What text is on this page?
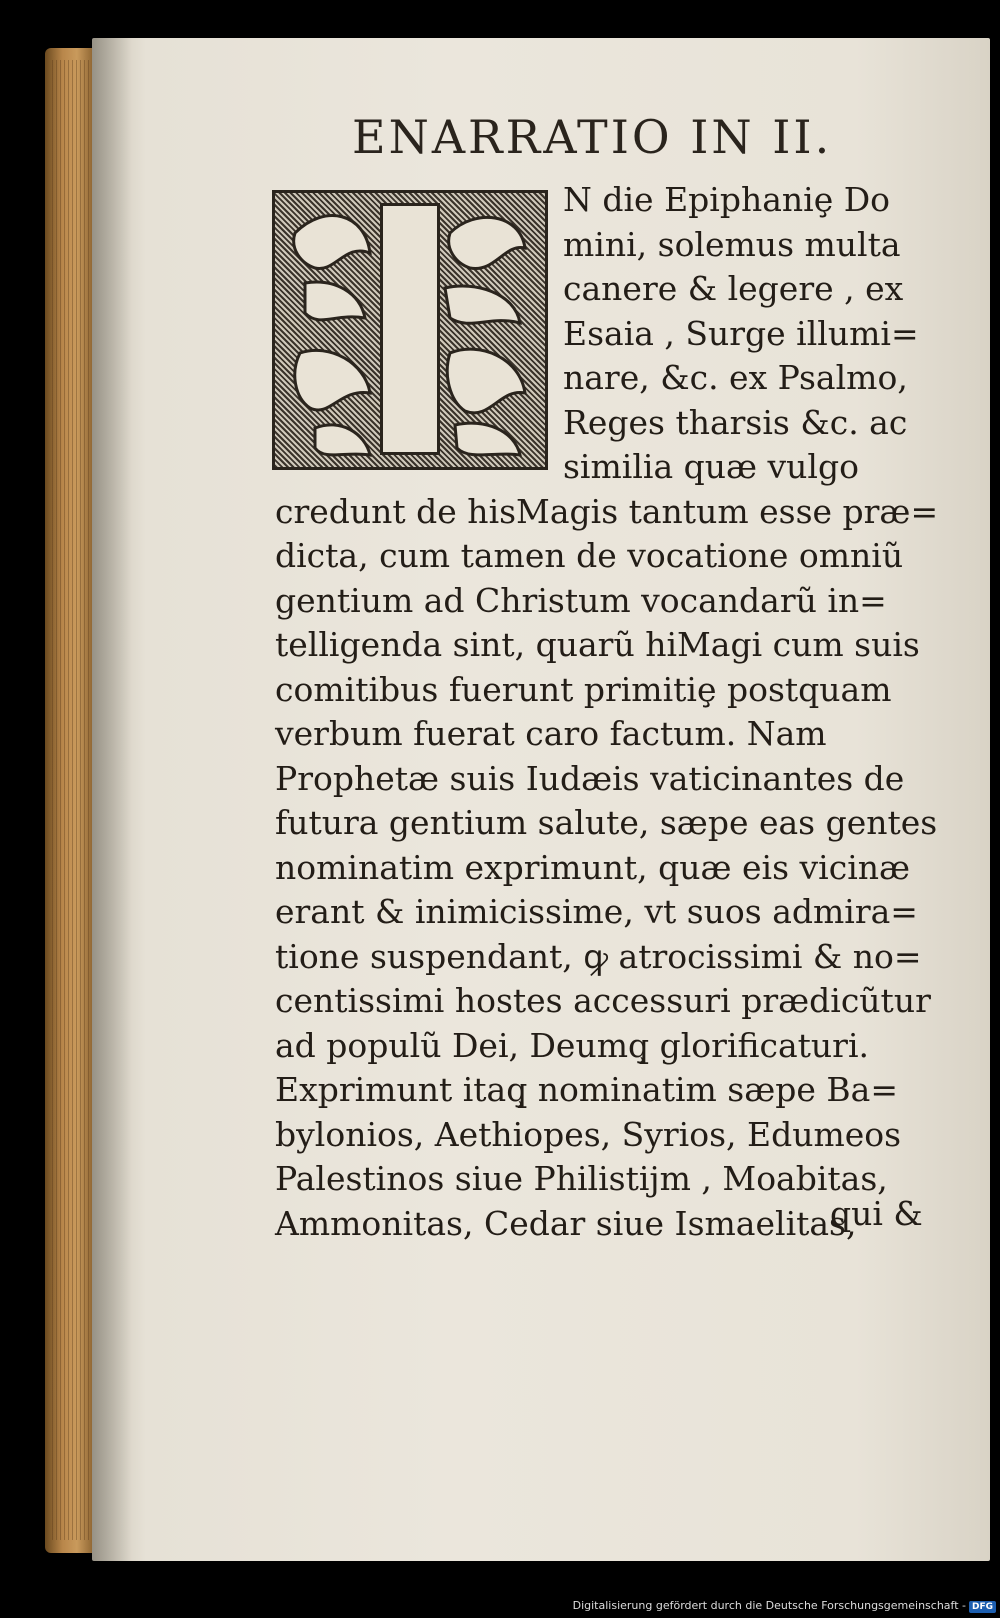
ENARRATIO IN II.
N die Epiphaniȩ Do
mini, solemus multa
canere & legere , ex
Esaia , Surge illumi=
nare, &c. ex Psalmo,
Reges tharsis &c. ac
similia quæ vulgo
credunt de hisMagis tantum esse præ=
dicta, cum tamen de vocatione omniũ
gentium ad Christum vocandarũ in=
telligenda sint, quarũ hiMagi cum suis
comitibus fuerunt primitiȩ postquam
verbum fuerat caro factum. Nam
Prophetæ suis Iudæis vaticinantes de
futura gentium salute, sæpe eas gentes
nominatim exprimunt, quæ eis vicinæ
erant & inimicissime, vt suos admira=
tione suspendant, ꝙ atrocissimi & no=
centissimi hostes accessuri prædicũtur
ad populũ Dei, Deumq̧ glorificaturi.
Exprimunt itaq̧ nominatim sæpe Ba=
bylonios, Aethiopes, Syrios, Edumeos
Palestinos siue Philistijm , Moabitas,
Ammonitas, Cedar siue Ismaelitas,
qui &
Digitalisierung gefördert durch die Deutsche Forschungsgemeinschaft - DFG
